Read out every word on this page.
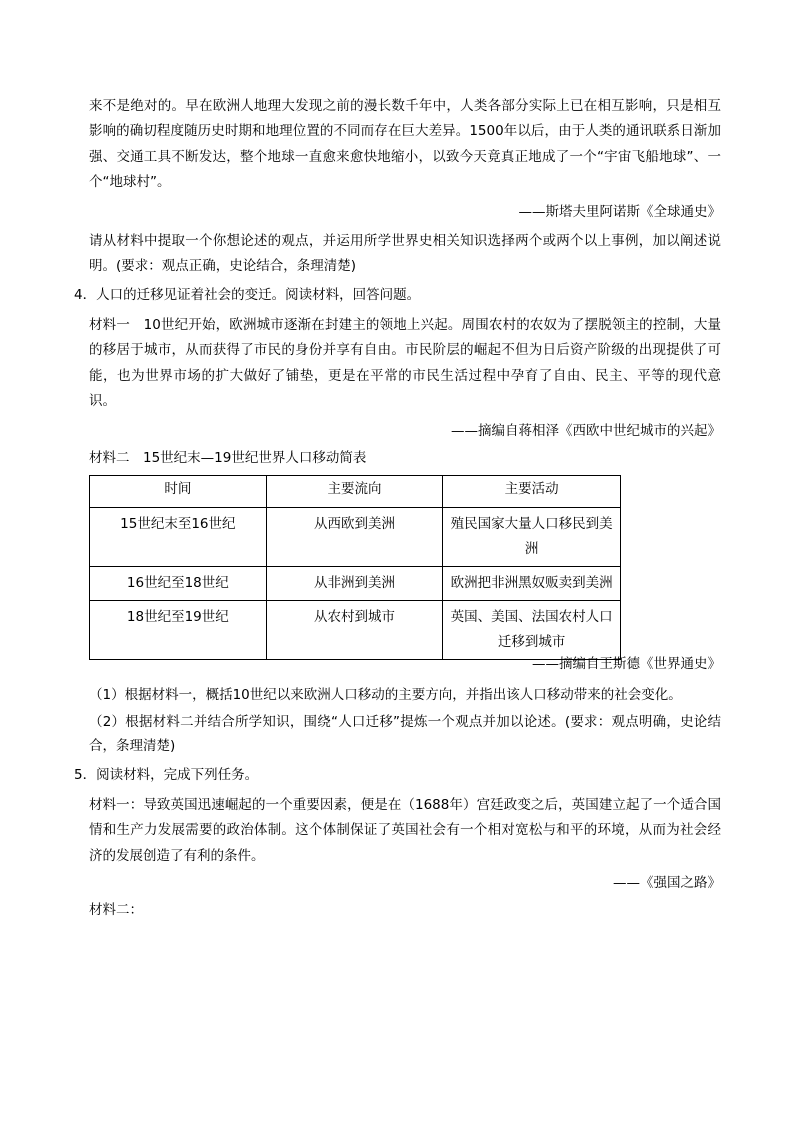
来不是绝对的。早在欧洲人地理大发现之前的漫长数千年中，人类各部分实际上已在相互影响，只是相互影响的确切程度随历史时期和地理位置的不同而存在巨大差异。1500年以后，由于人类的通讯联系日渐加强、交通工具不断发达，整个地球一直愈来愈快地缩小，以致今天竟真正地成了一个“宇宙飞船地球”、一个“地球村”。

——斯塔夫里阿诺斯《全球通史》

请从材料中提取一个你想论述的观点，并运用所学世界史相关知识选择两个或两个以上事例，加以阐述说明。(要求：观点正确，史论结合，条理清楚)

4．人口的迁移见证着社会的变迁。阅读材料，回答问题。

材料一　10世纪开始，欧洲城市逐渐在封建主的领地上兴起。周围农村的农奴为了摆脱领主的控制，大量的移居于城市，从而获得了市民的身份并享有自由。市民阶层的崛起不但为日后资产阶级的出现提供了可能，也为世界市场的扩大做好了铺垫，更是在平常的市民生活过程中孕育了自由、民主、平等的现代意识。

——摘编自蒋相泽《西欧中世纪城市的兴起》

材料二　15世纪末—19世纪世界人口移动简表

时间	主要流向	主要活动
15世纪末至16世纪	从西欧到美洲	殖民国家大量人口移民到美洲
16世纪至18世纪	从非洲到美洲	欧洲把非洲黑奴贩卖到美洲
18世纪至19世纪	从农村到城市	英国、美国、法国农村人口迁移到城市

——摘编自王斯德《世界通史》

（1）根据材料一，概括10世纪以来欧洲人口移动的主要方向，并指出该人口移动带来的社会变化。

（2）根据材料二并结合所学知识，围绕“人口迁移”提炼一个观点并加以论述。(要求：观点明确，史论结合，条理清楚)

5．阅读材料，完成下列任务。

材料一：导致英国迅速崛起的一个重要因素，便是在（1688年）宫廷政变之后，英国建立起了一个适合国情和生产力发展需要的政治体制。这个体制保证了英国社会有一个相对宽松与和平的环境，从而为社会经济的发展创造了有利的条件。

——《强国之路》

材料二：
